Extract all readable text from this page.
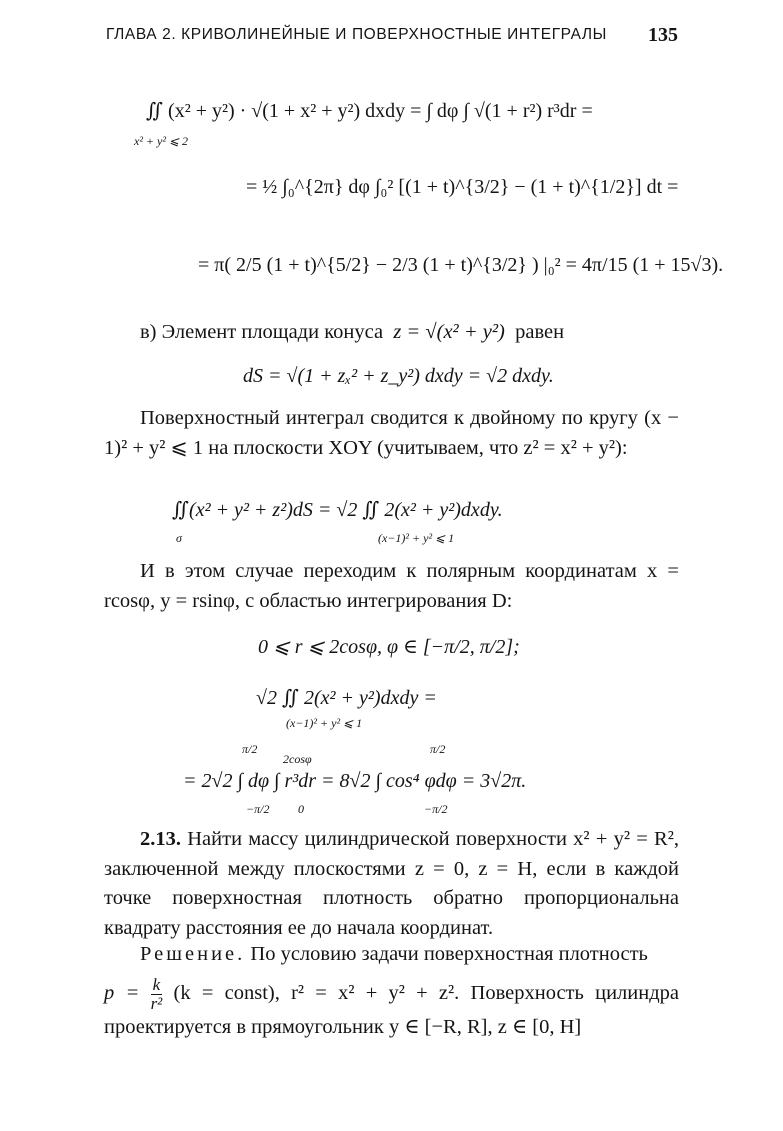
ГЛАВА 2. КРИВОЛИНЕЙНЫЕ И ПОВЕРХНОСТНЫЕ ИНТЕГРАЛЫ 135
∬ (x² + y²) · √(1 + x² + y²) dxdy = ∫ dφ ∫ √(1 + r²) r³dr =
x² + y² ⩽ 2
= ½ ∫₀^{2π} dφ ∫₀² [(1 + t)^{3/2} − (1 + t)^{1/2}] dt =
= π( 2/5 (1 + t)^{5/2} − 2/3 (1 + t)^{3/2} ) |₀² = 4π/15 (1 + 15√3).

в) Элемент площади конуса z = √(x² + y²) равен

dS = √(1 + zₓ² + z_y²) dxdy = √2 dxdy.

Поверхностный интеграл сводится к двойному по кругу (x − 1)² + y² ⩽ 1 на плоскости XOY (учитываем, что z² = x² + y²):

∬(x² + y² + z²)dS = √2 ∬ 2(x² + y²)dxdy.
σ	(x−1)² + y² ⩽ 1

И в этом случае переходим к полярным координатам x = rcosφ, y = rsinφ, с областью интегрирования D:

0 ⩽ r ⩽ 2cosφ, φ ∈ [−π/2, π/2];
√2 ∬ 2(x² + y²)dxdy =
(x−1)² + y² ⩽ 1
π/2
2cosφ
π/2
= 2√2 ∫ dφ ∫ r³dr = 8√2 ∫ cos⁴ φdφ = 3√2π.
−π/2 0	−π/2

2.13. Найти массу цилиндрической поверхности x² + y² = R², заключенной между плоскостями z = 0, z = H, если в каждой точке поверхностная плотность обратно пропорциональна квадрату расстояния ее до начала координат.

Решение. По условию задачи поверхностная плотность

$p = \frac{k}{\text{r²}} (k$ = const), r² = x² + y² + z². Поверхность цилиндра проектируется в прямоугольник y ∈ [−R, R], z ∈ [0, H]
